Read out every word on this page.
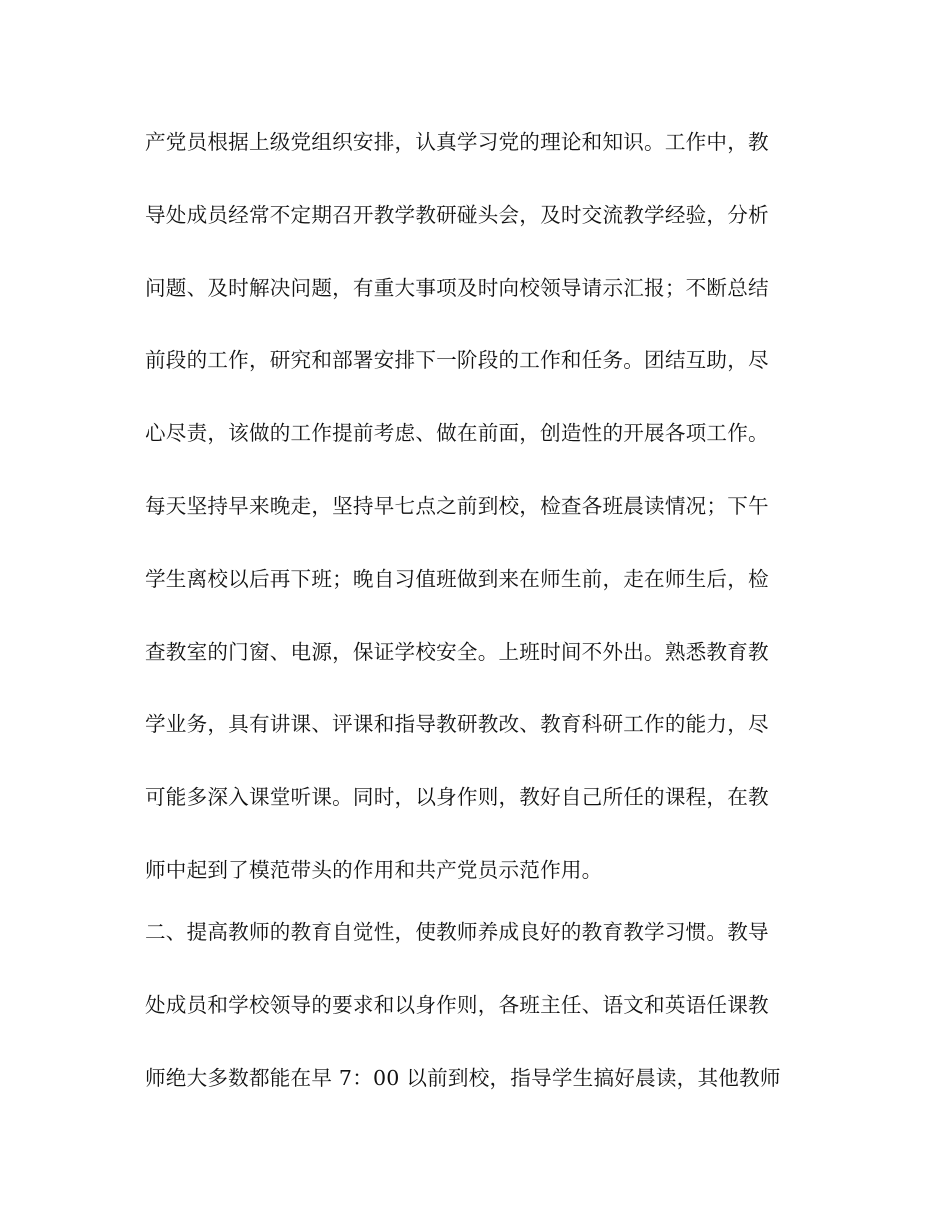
产党员根据上级党组织安排，认真学习党的理论和知识。工作中，教
导处成员经常不定期召开教学教研碰头会，及时交流教学经验，分析
问题、及时解决问题，有重大事项及时向校领导请示汇报；不断总结
前段的工作，研究和部署安排下一阶段的工作和任务。团结互助，尽
心尽责，该做的工作提前考虑、做在前面，创造性的开展各项工作。
每天坚持早来晚走，坚持早七点之前到校，检查各班晨读情况；下午
学生离校以后再下班；晚自习值班做到来在师生前，走在师生后，检
查教室的门窗、电源，保证学校安全。上班时间不外出。熟悉教育教
学业务，具有讲课、评课和指导教研教改、教育科研工作的能力，尽
可能多深入课堂听课。同时，以身作则，教好自己所任的课程，在教
师中起到了模范带头的作用和共产党员示范作用。
二、提高教师的教育自觉性，使教师养成良好的教育教学习惯。教导
处成员和学校领导的要求和以身作则，各班主任、语文和英语任课教
师绝大多数都能在早 7：00 以前到校，指导学生搞好晨读，其他教师
